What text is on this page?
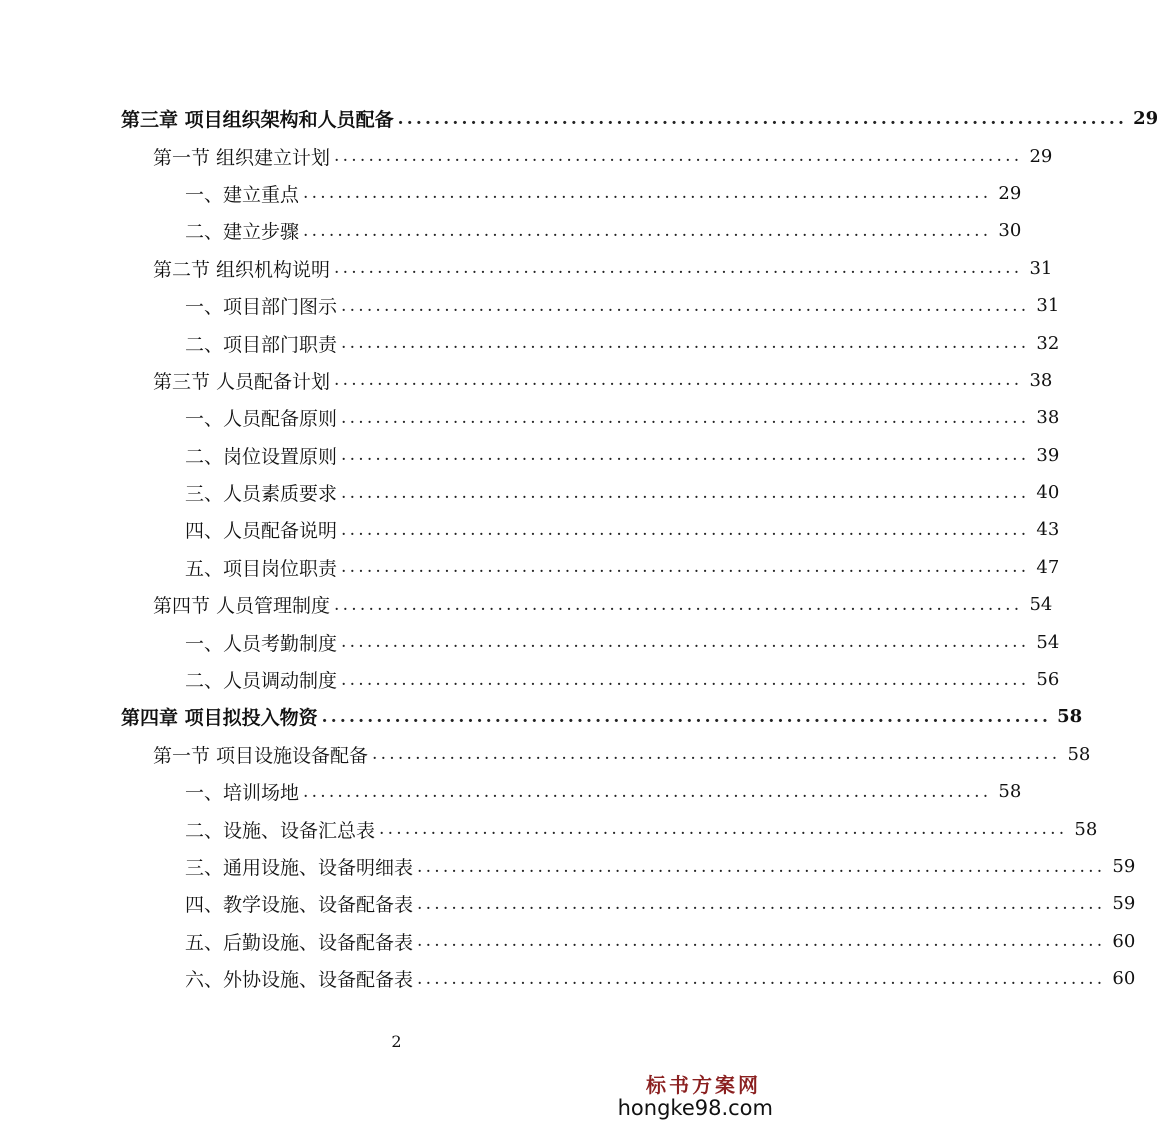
第三章 项目组织架构和人员配备 ................................................................................ 29
第一节 组织建立计划 ................................................................................ 29
一、建立重点 ................................................................................ 29
二、建立步骤 ................................................................................ 30
第二节 组织机构说明 ................................................................................ 31
一、项目部门图示 ................................................................................ 31
二、项目部门职责 ................................................................................ 32
第三节 人员配备计划 ................................................................................ 38
一、人员配备原则 ................................................................................ 38
二、岗位设置原则 ................................................................................ 39
三、人员素质要求 ................................................................................ 40
四、人员配备说明 ................................................................................ 43
五、项目岗位职责 ................................................................................ 47
第四节 人员管理制度 ................................................................................ 54
一、人员考勤制度 ................................................................................ 54
二、人员调动制度 ................................................................................ 56
第四章 项目拟投入物资 ................................................................................ 58
第一节 项目设施设备配备 ................................................................................ 58
一、培训场地 ................................................................................ 58
二、设施、设备汇总表 ................................................................................ 58
三、通用设施、设备明细表 ................................................................................ 59
四、教学设施、设备配备表 ................................................................................ 59
五、后勤设施、设备配备表 ................................................................................ 60
六、外协设施、设备配备表 ................................................................................ 60
2
标书方案网
hongke98.com
